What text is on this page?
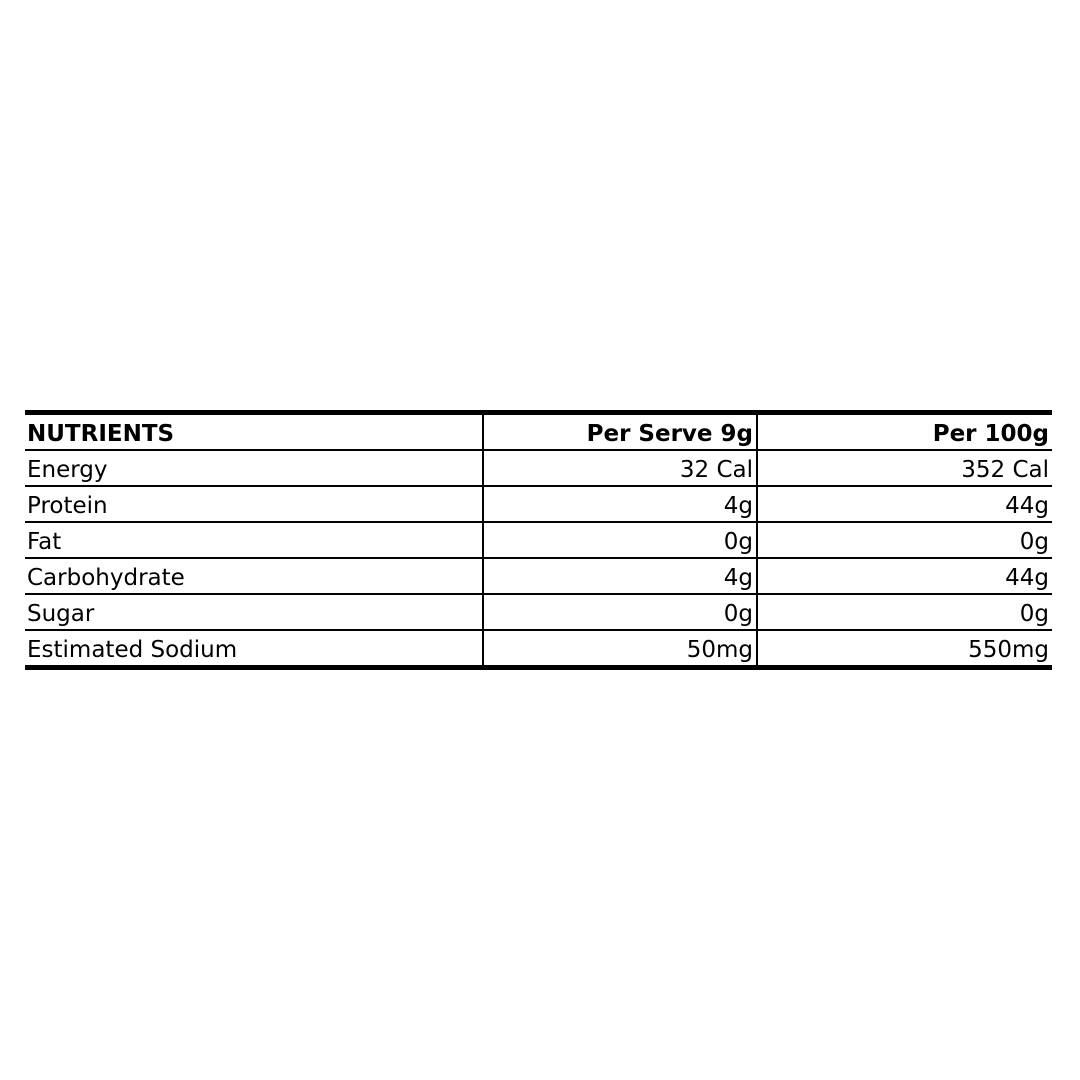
NUTRIENTS	Per Serve 9g	Per 100g
Energy	32 Cal	352 Cal
Protein	4g	44g
Fat	0g	0g
Carbohydrate	4g	44g
Sugar	0g	0g
Estimated Sodium	50mg	550mg
